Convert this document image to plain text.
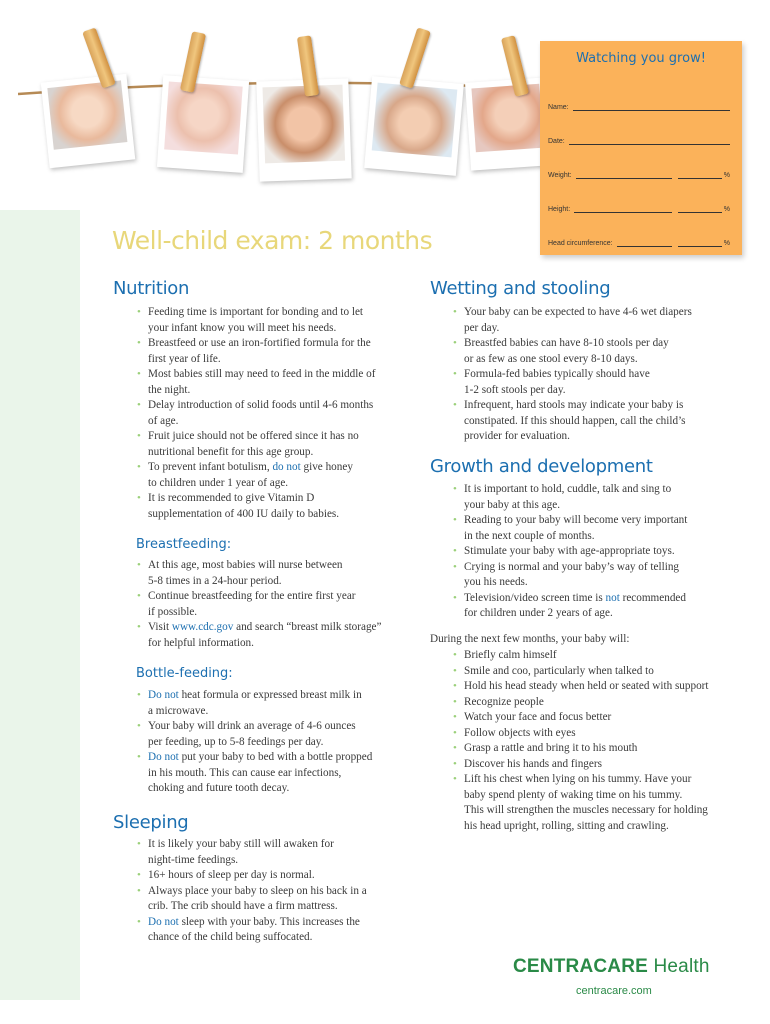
Watching you grow!
Name:
Date:
Weight:	%
Height:	%
Head circumference:	%
Well-child exam: 2 months
Nutrition
• Feeding time is important for bonding and to let
your infant know you will meet his needs.
• Breastfeed or use an iron-fortified formula for the
first year of life.
• Most babies still may need to feed in the middle of
the night.
• Delay introduction of solid foods until 4-6 months
of age.
• Fruit juice should not be offered since it has no
nutritional benefit for this age group.
• To prevent infant botulism, do not give honey
to children under 1 year of age.
• It is recommended to give Vitamin D
supplementation of 400 IU daily to babies.
Breastfeeding:
• At this age, most babies will nurse between
5-8 times in a 24-hour period.
• Continue breastfeeding for the entire first year
if possible.
• Visit www.cdc.gov and search “breast milk storage”
for helpful information.
Bottle-feeding:
• Do not heat formula or expressed breast milk in
a microwave.
• Your baby will drink an average of 4-6 ounces
per feeding, up to 5-8 feedings per day.
• Do not put your baby to bed with a bottle propped
in his mouth. This can cause ear infections,
choking and future tooth decay.
Sleeping
• It is likely your baby still will awaken for
night-time feedings.
• 16+ hours of sleep per day is normal.
• Always place your baby to sleep on his back in a
crib. The crib should have a firm mattress.
• Do not sleep with your baby. This increases the
chance of the child being suffocated.
Wetting and stooling
• Your baby can be expected to have 4-6 wet diapers
per day.
• Breastfed babies can have 8-10 stools per day
or as few as one stool every 8-10 days.
• Formula-fed babies typically should have
1-2 soft stools per day.
• Infrequent, hard stools may indicate your baby is
constipated. If this should happen, call the child’s
provider for evaluation.
Growth and development
• It is important to hold, cuddle, talk and sing to
your baby at this age.
• Reading to your baby will become very important
in the next couple of months.
• Stimulate your baby with age-appropriate toys.
• Crying is normal and your baby’s way of telling
you his needs.
• Television/video screen time is not recommended
for children under 2 years of age.
During the next few months, your baby will:
• Briefly calm himself
• Smile and coo, particularly when talked to
• Hold his head steady when held or seated with support
• Recognize people
• Watch your face and focus better
• Follow objects with eyes
• Grasp a rattle and bring it to his mouth
• Discover his hands and fingers
• Lift his chest when lying on his tummy. Have your
baby spend plenty of waking time on his tummy.
This will strengthen the muscles necessary for holding
his head upright, rolling, sitting and crawling.
CENTRACARE Health
centracare.com
